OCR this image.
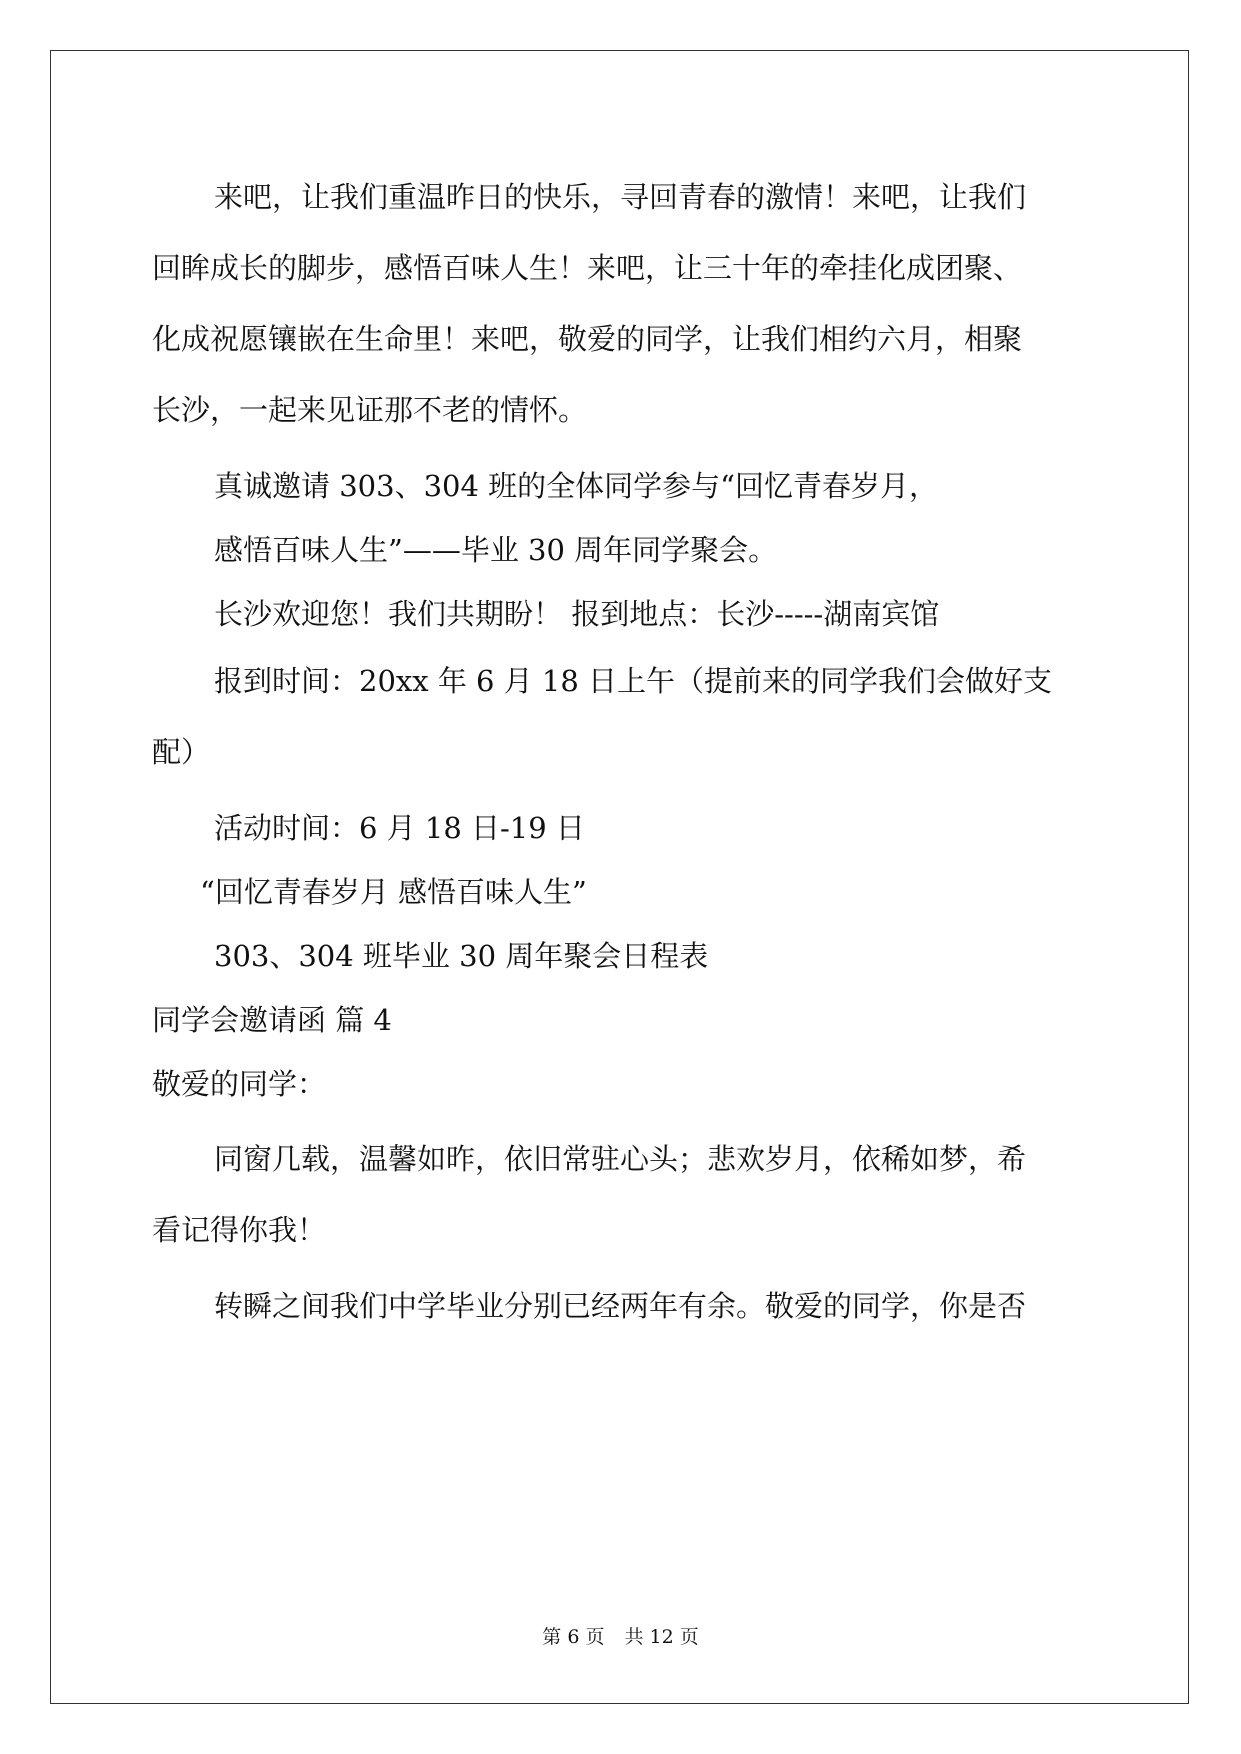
来吧，让我们重温昨日的快乐，寻回青春的激情！来吧，让我们

回眸成长的脚步，感悟百味人生！来吧，让三十年的牵挂化成团聚、

化成祝愿镶嵌在生命里！来吧，敬爱的同学，让我们相约六月，相聚

长沙，一起来见证那不老的情怀。

真诚邀请 303、304 班的全体同学参与“回忆青春岁月，

感悟百味人生”——毕业 30 周年同学聚会。

长沙欢迎您！我们共期盼！ 报到地点：长沙-----湖南宾馆

报到时间：20xx 年 6 月 18 日上午（提前来的同学我们会做好支

配）

活动时间：6 月 18 日-19 日

“回忆青春岁月 感悟百味人生”

303、304 班毕业 30 周年聚会日程表

同学会邀请函 篇 4

敬爱的同学：

同窗几载，温馨如昨，依旧常驻心头；悲欢岁月，依稀如梦，希

看记得你我！

转瞬之间我们中学毕业分别已经两年有余。敬爱的同学，你是否

第 6 页 共 12 页
